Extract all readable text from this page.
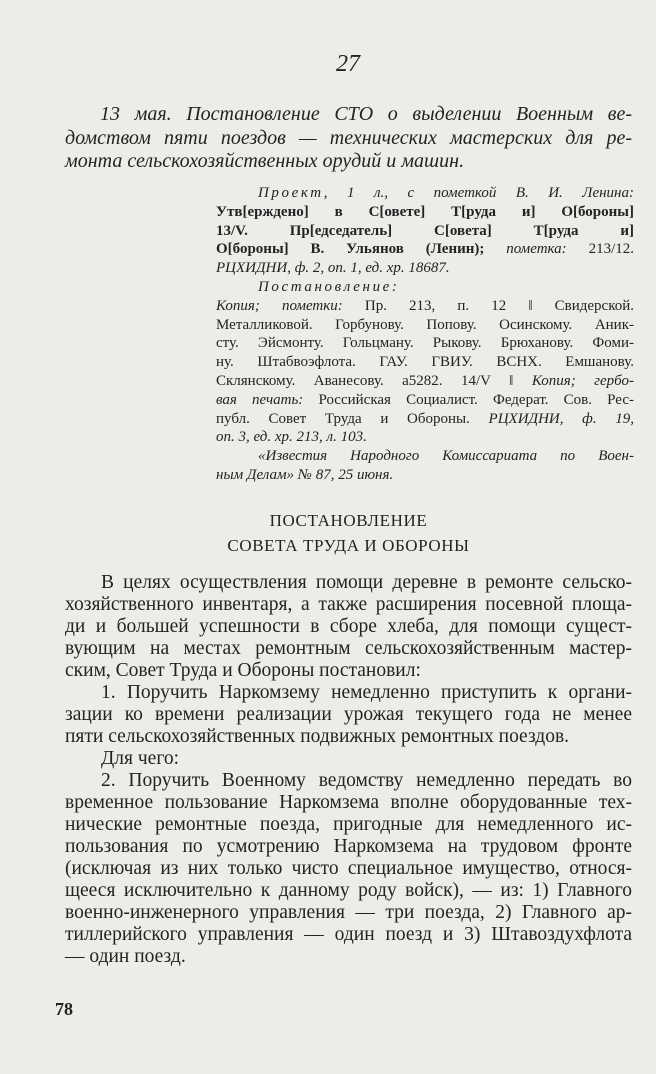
27
13 мая. Постановление СТО о выделении Военным ве-
домством пяти поездов — технических мастерских для ре-
монта сельскохозяйственных орудий и машин.
Проект, 1 л., с пометкой В. И. Ленина:
Утв[ерждено] в С[овете] Т[руда и] О[бороны]
13/V. Пр[едседатель] С[овета] Т[руда и]
О[бороны] В. Ульянов (Ленин); пометка: 213/12.
РЦХИДНИ, ф. 2, оп. 1, ед. хр. 18687.
Постановление:
Копия; пометки: Пр. 213, п. 12 ‖ Свидерской.
Металликовой. Горбунову. Попову. Осинскому. Аник-
сту. Эйсмонту. Гольцману. Рыкову. Брюханову. Фоми-
ну. Штабвоэфлота. ГАУ. ГВИУ. ВСНХ. Емшанову.
Склянскому. Аванесову. а5282. 14/V ‖ Копия; гербо-
вая печать: Российская Социалист. Федерат. Сов. Рес-
публ. Совет Труда и Обороны. РЦХИДНИ, ф. 19,
оп. 3, ед. хр. 213, л. 103.
«Известия Народного Комиссариата по Воен-
ным Делам» № 87, 25 июня.
ПОСТАНОВЛЕНИЕ
СОВЕТА ТРУДА И ОБОРОНЫ
В целях осуществления помощи деревне в ремонте сельско-
хозяйственного инвентаря, а также расширения посевной площа-
ди и большей успешности в сборе хлеба, для помощи сущест-
вующим на местах ремонтным сельскохозяйственным мастер-
ским, Совет Труда и Обороны постановил:
1. Поручить Наркомзему немедленно приступить к органи-
зации ко времени реализации урожая текущего года не менее
пяти сельскохозяйственных подвижных ремонтных поездов.
Для чего:
2. Поручить Военному ведомству немедленно передать во
временное пользование Наркомзема вполне оборудованные тех-
нические ремонтные поезда, пригодные для немедленного ис-
пользования по усмотрению Наркомзема на трудовом фронте
(исключая из них только чисто специальное имущество, относя-
щееся исключительно к данному роду войск), — из: 1) Главного
военно-инженерного управления — три поезда, 2) Главного ар-
тиллерийского управления — один поезд и 3) Штавоздухфлота
— один поезд.
78
